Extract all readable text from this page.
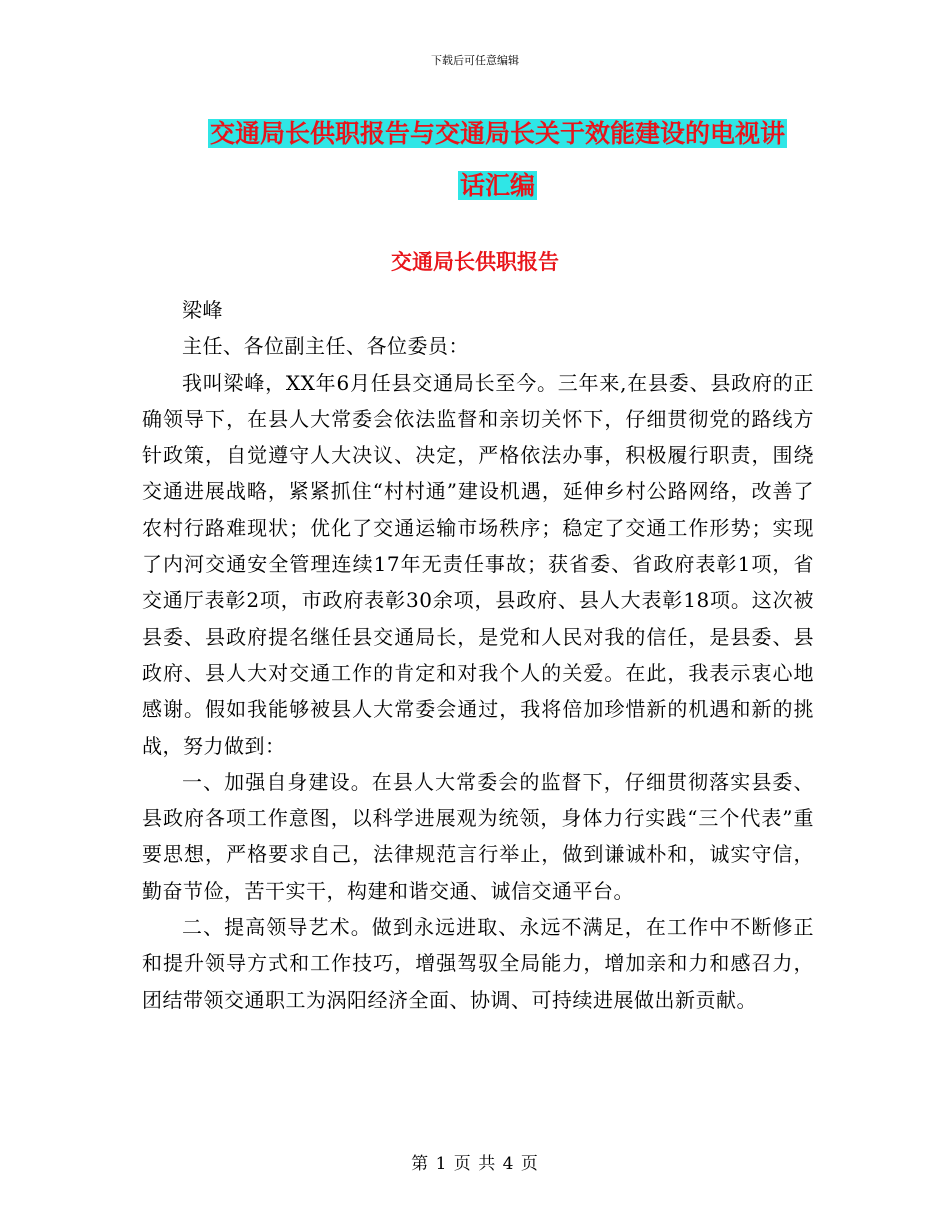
下载后可任意编辑
交通局长供职报告与交通局长关于效能建设的电视讲
话汇编
交通局长供职报告

梁峰

主任、各位副主任、各位委员：

我叫梁峰，XX年6月任县交通局长至今。三年来,在县委、县政府的正确领导下，在县人大常委会依法监督和亲切关怀下，仔细贯彻党的路线方针政策，自觉遵守人大决议、决定，严格依法办事，积极履行职责，围绕交通进展战略，紧紧抓住“村村通”建设机遇，延伸乡村公路网络，改善了农村行路难现状；优化了交通运输市场秩序；稳定了交通工作形势；实现了内河交通安全管理连续17年无责任事故；获省委、省政府表彰1项，省交通厅表彰2项，市政府表彰30余项，县政府、县人大表彰18项。这次被县委、县政府提名继任县交通局长，是党和人民对我的信任，是县委、县政府、县人大对交通工作的肯定和对我个人的关爱。在此，我表示衷心地感谢。假如我能够被县人大常委会通过，我将倍加珍惜新的机遇和新的挑战，努力做到：

一、加强自身建设。在县人大常委会的监督下，仔细贯彻落实县委、县政府各项工作意图，以科学进展观为统领，身体力行实践“三个代表”重要思想，严格要求自己，法律规范言行举止，做到谦诚朴和，诚实守信，勤奋节俭，苦干实干，构建和谐交通、诚信交通平台。

二、提高领导艺术。做到永远进取、永远不满足，在工作中不断修正和提升领导方式和工作技巧，增强驾驭全局能力，增加亲和力和感召力，团结带领交通职工为涡阳经济全面、协调、可持续进展做出新贡献。

第 1 页 共 4 页
